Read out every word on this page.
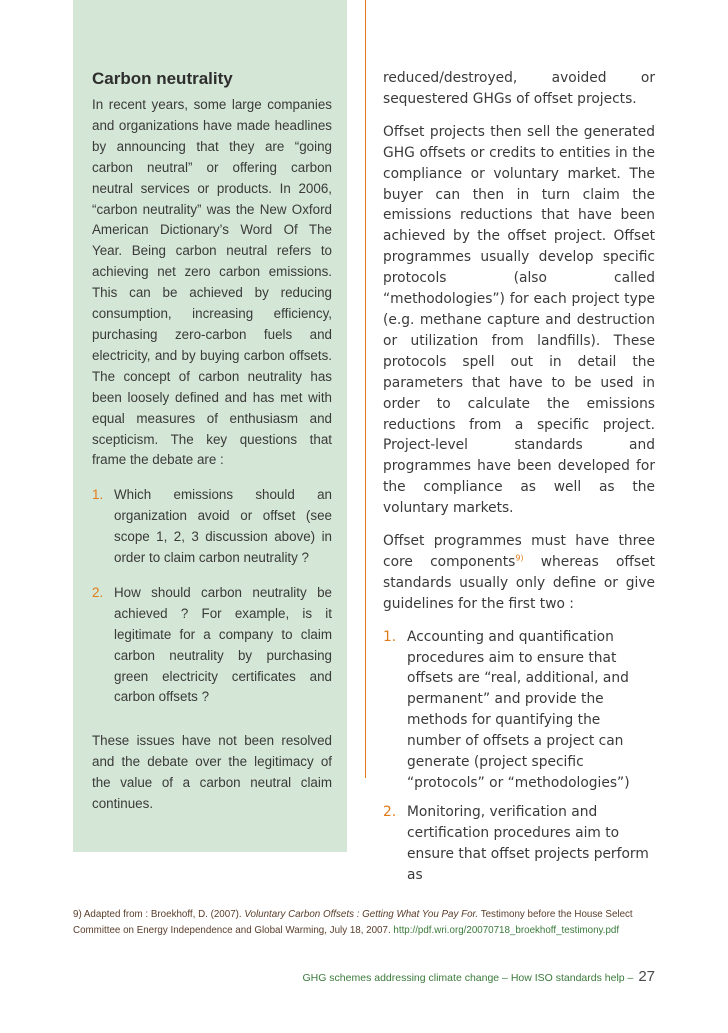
Carbon neutrality

In recent years, some large companies and organizations have made headlines by announcing that they are “going carbon neutral” or offering carbon neutral services or products. In 2006, “carbon neutrality” was the New Oxford American Dictionary’s Word Of The Year. Being carbon neutral refers to achieving net zero carbon emissions. This can be achieved by reducing consumption, increasing efficiency, purchasing zero-carbon fuels and electricity, and by buying carbon offsets. The concept of carbon neutrality has been loosely defined and has met with equal measures of enthusiasm and scepticism. The key questions that frame the debate are :

1. Which emissions should an organization avoid or offset (see scope 1, 2, 3 discussion above) in order to claim carbon neutrality ?
2. How should carbon neutrality be achieved ? For example, is it legitimate for a company to claim carbon neutrality by purchasing green electricity certificates and carbon offsets ?

These issues have not been resolved and the debate over the legitimacy of the value of a carbon neutral claim continues.

reduced/destroyed, avoided or sequestered GHGs of offset projects.

Offset projects then sell the generated GHG offsets or credits to entities in the compliance or voluntary market. The buyer can then in turn claim the emissions reductions that have been achieved by the offset project. Offset programmes usually develop specific protocols (also called “methodologies”) for each project type (e.g. methane capture and destruction or utilization from landfills). These protocols spell out in detail the parameters that have to be used in order to calculate the emissions reductions from a specific project. Project-level standards and programmes have been developed for the compliance as well as the voluntary markets.

Offset programmes must have three core components$^{9)}$ whereas offset standards usually only define or give guidelines for the first two :

1. Accounting and quantification procedures aim to ensure that offsets are “real, additional, and permanent” and provide the methods for quantifying the number of offsets a project can generate (project specific “protocols” or “methodologies”)
2. Monitoring, verification and certification procedures aim to ensure that offset projects perform as
9) Adapted from : Broekhoff, D. (2007). Voluntary Carbon Offsets : Getting What You Pay For. Testimony before the House Select Committee on Energy Independence and Global Warming, July 18, 2007. http://pdf.wri.org/20070718_broekhoff_testimony.pdf
GHG schemes addressing climate change – How ISO standards help – 27
